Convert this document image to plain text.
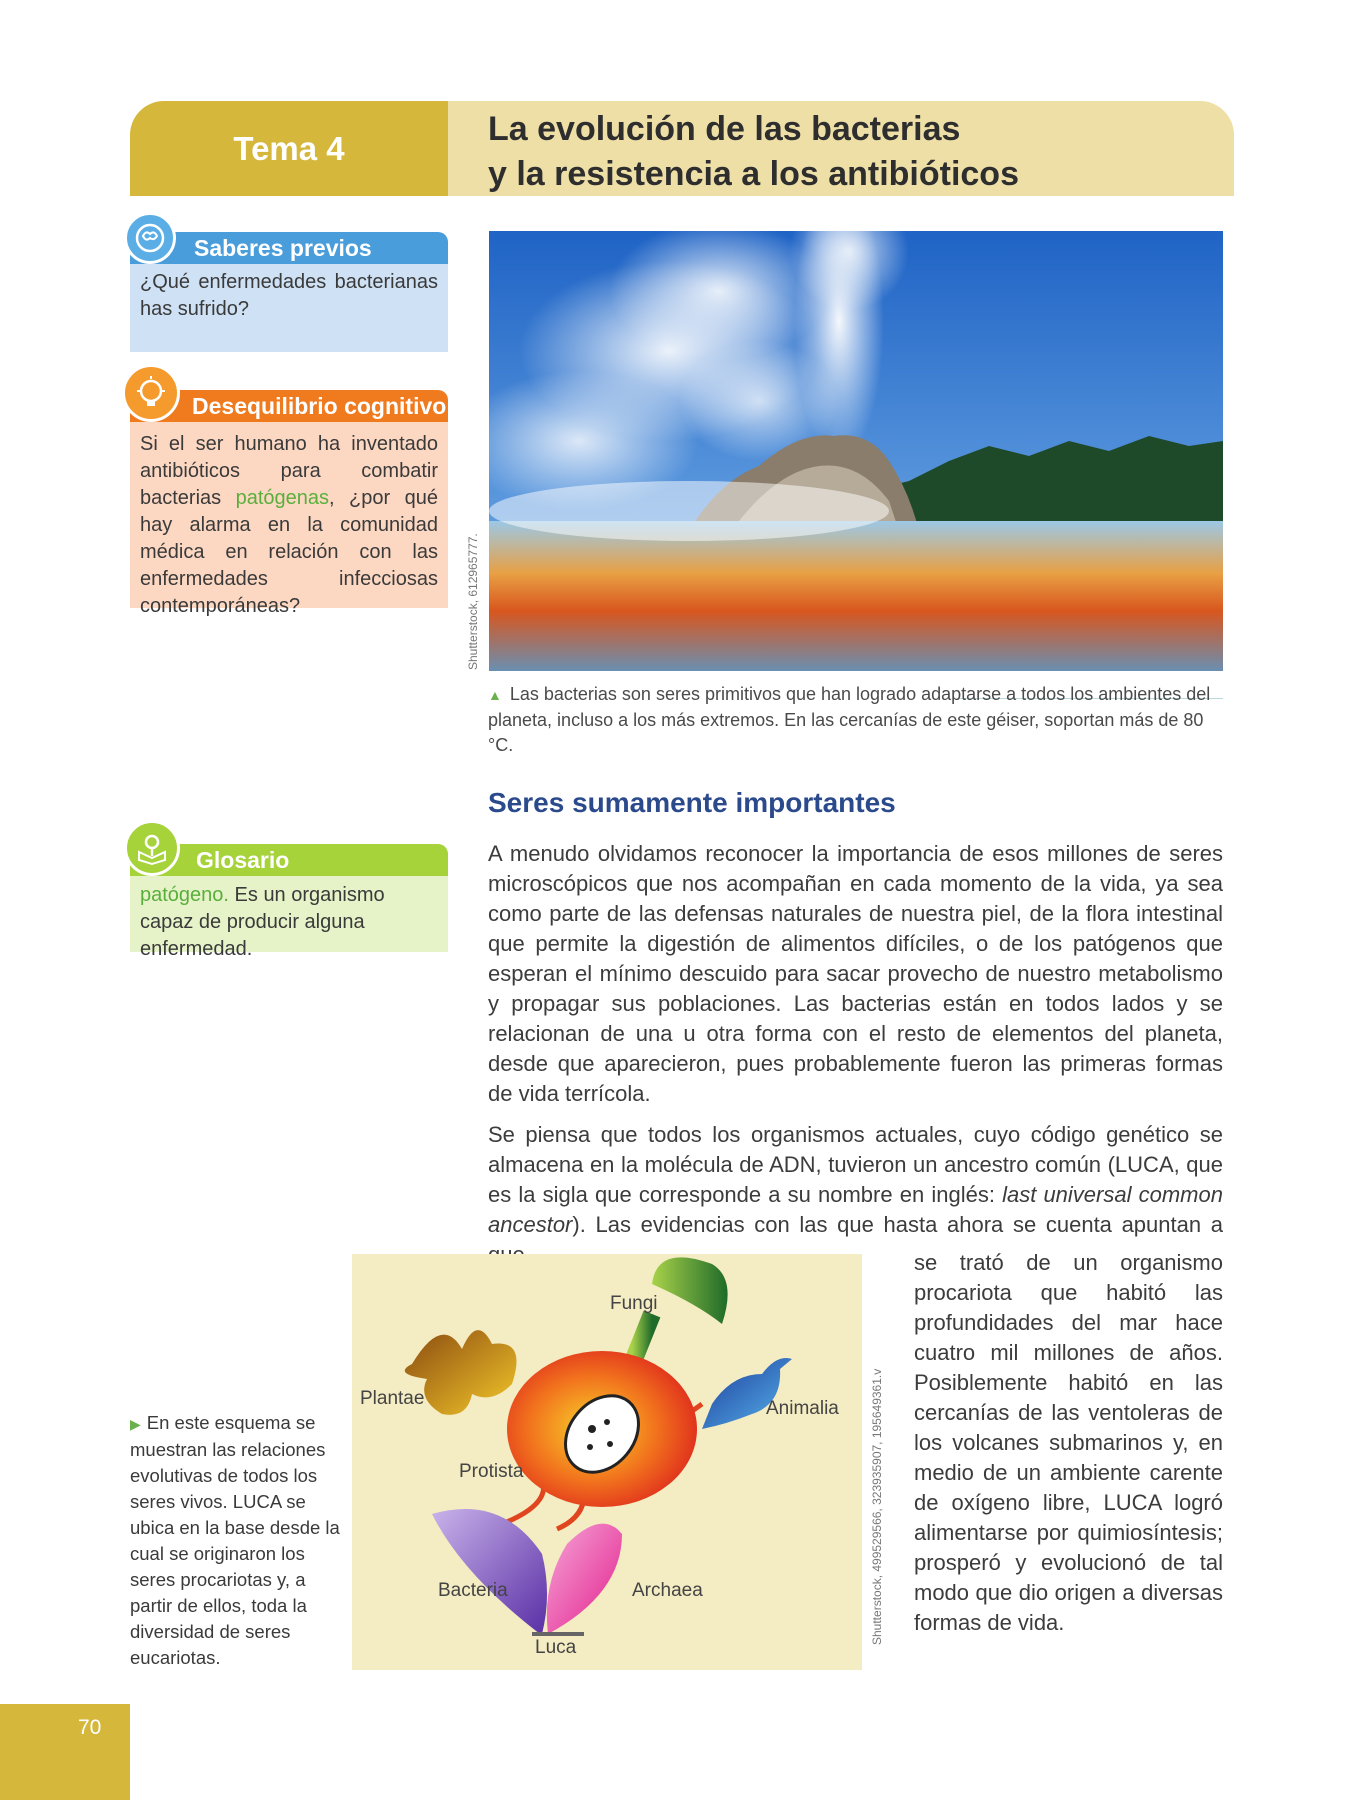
Tema 4	La evolución de las bacterias
y la resistencia a los antibióticos
Saberes previos
¿Qué enfermedades bacterianas has sufrido?
Desequilibrio cognitivo
Si el ser humano ha inventado antibióticos para combatir bacterias patógenas, ¿por qué hay alarma en la comunidad médica en relación con las enfermedades infecciosas contemporáneas?
Glosario
patógeno. Es un organismo capaz de producir alguna enfermedad.
Shutterstock, 612965777.
▲ Las bacterias son seres primitivos que han logrado adaptarse a todos los ambientes del planeta, incluso a los más extremos. En las cercanías de este géiser, soportan más de 80 °C.
Seres sumamente importantes
A menudo olvidamos reconocer la importancia de esos millones de seres microscópicos que nos acompañan en cada momento de la vida, ya sea como parte de las defensas naturales de nuestra piel, de la flora intestinal que permite la digestión de alimentos difíciles, o de los patógenos que esperan el mínimo descuido para sacar provecho de nuestro metabolismo y propagar sus poblaciones. Las bacterias están en todos lados y se relacionan de una u otra forma con el resto de elementos del planeta, desde que aparecieron, pues probablemente fueron las primeras formas de vida terrícola.
Se piensa que todos los organismos actuales, cuyo código genético se almacena en la molécula de ADN, tuvieron un ancestro común (LUCA, que es la sigla que corresponde a su nombre en inglés: last universal common ancestor). Las evidencias con las que hasta ahora se cuenta apuntan a
se trató de un organismo procariota que habitó las profundidades del mar hace cuatro mil millones de años. Posiblemente habitó en las cercanías de las ventoleras de los volcanes submarinos y, en medio de un ambiente carente de oxígeno libre, LUCA logró alimentarse por quimiosíntesis; prosperó y evolucionó de tal modo que dio origen a diversas formas de vida.
Fungi
Plantae	Animalia
Protista
Bacteria	Archaea
Luca
Shutterstock, 499529566, 323935907, 195649361.v
▶ En este esquema se muestran las relaciones evolutivas de todos los seres vivos. LUCA se ubica en la base desde la cual se originaron los seres procariotas y, a partir de ellos, toda la diversidad de seres eucariotas.
70
